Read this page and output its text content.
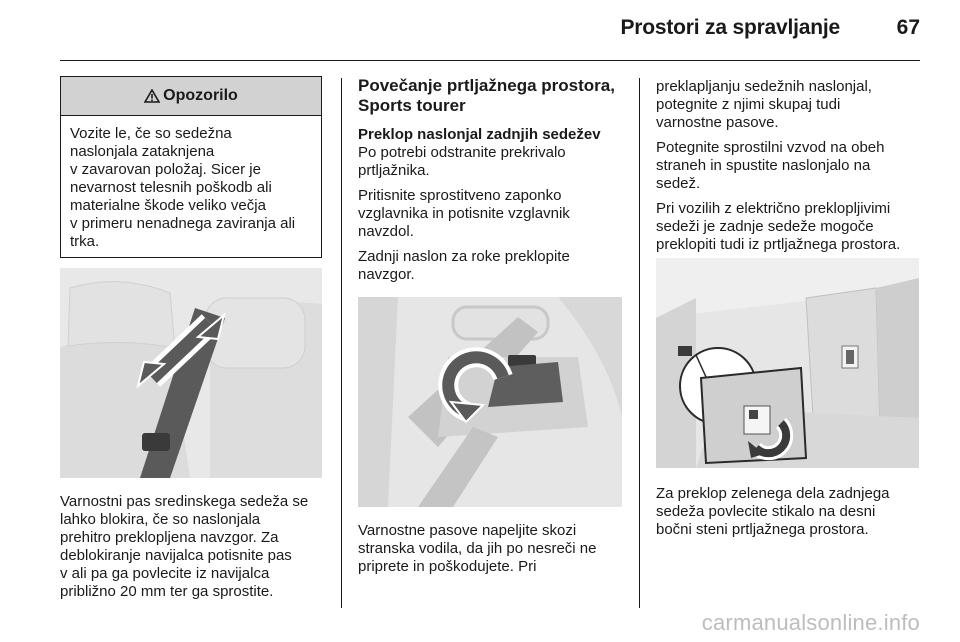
Prostori za spravljanje	67
Opozorilo
Vozite le, če so sedežna
naslonjala zataknjena
v zavarovan položaj. Sicer je
nevarnost telesnih poškodb ali
materialne škode veliko večja
v primeru nenadnega zaviranja ali
trka.
Varnostni pas sredinskega sedeža se
lahko blokira, če so naslonjala
prehitro preklopljena navzgor. Za
deblokiranje navijalca potisnite pas
v ali pa ga povlecite iz navijalca
približno 20 mm ter ga sprostite.
Povečanje prtljažnega prostora,
Sports tourer
Preklop naslonjal zadnjih sedežev

Po potrebi odstranite prekrivalo
prtljažnika.

Pritisnite sprostitveno zaponko
vzglavnika in potisnite vzglavnik
navzdol.

Zadnji naslon za roke preklopite
navzgor.

Varnostne pasove napeljite skozi
stranska vodila, da jih po nesreči ne
priprete in poškodujete. Pri

preklapljanju sedežnih naslonjal,
potegnite z njimi skupaj tudi
varnostne pasove.

Potegnite sprostilni vzvod na obeh
straneh in spustite naslonjalo na
sedež.

Pri vozilih z električno preklopljivimi
sedeži je zadnje sedeže mogoče
preklopiti tudi iz prtljažnega prostora.

Za preklop zelenega dela zadnjega
sedeža povlecite stikalo na desni
bočni steni prtljažnega prostora.
carmanualsonline.info
